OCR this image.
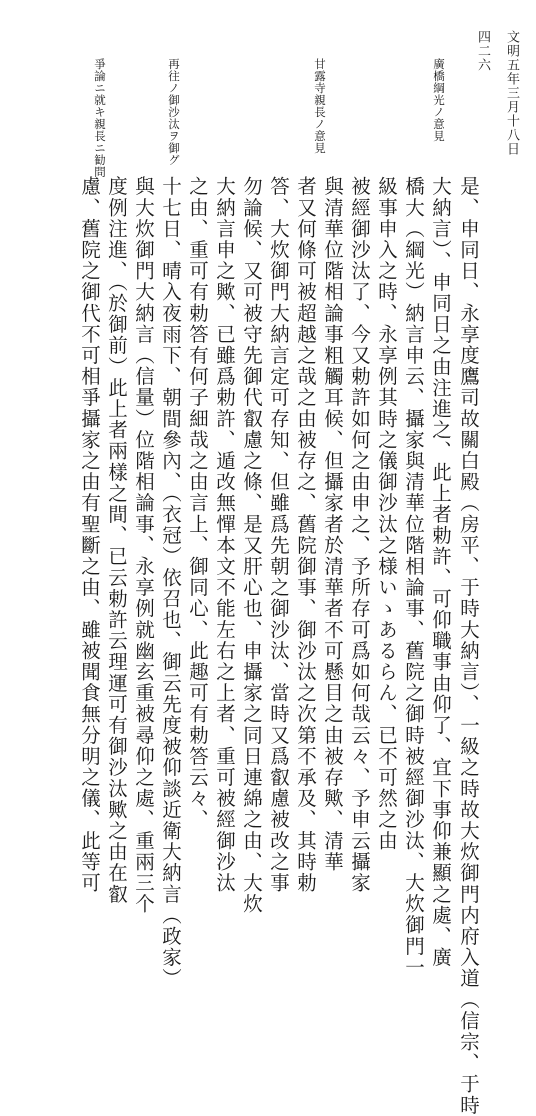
四二六 文明五年三月十八日
廣橋綱光ノ意見
甘露寺親長ノ意見
再往ノ御沙汰ヲ御グ
爭論ニ就キ親長ニ勧問
是、申同日、永享度鷹司故關白殿（房平、于時大納言）、一級之時故大炊御門内府入道（信宗、于時
大納言）、申同日之由注進之、此上者勅許、可仰職事由仰了、宜下事仰兼顯之處、廣
橋大（綱光）納言申云、攝家與清華位階相論事、舊院之御時被經御沙汰、大炊御門一
級事申入之時、永享例其時之儀御沙汰之様いゝあるらん、已不可然之由
被經御沙汰了、今又勅許如何之由申之、予所存可爲如何哉云々、予申云攝家
與清華位階相論事粗觸耳候、但攝家者於清華者不可懸目之由被存歟、清華
者又何條可被超越之哉之由被存之、舊院御事、御沙汰之次第不承及、其時勅
答、大炊御門大納言定可存知、但雖爲先朝之御沙汰、當時又爲叡慮被改之事
勿論候、又可被守先御代叡慮之條、是又肝心也、申攝家之同日連綿之由、大炊
大納言申之歟、已雖爲勅許、遁改無憚本文不能左右之上者、重可被經御沙汰
之由、重可有勅答有何子細哉之由言上、御同心、此趣可有勅答云々、
十七日、晴入夜雨下、朝間參內、（衣冠）依召也、御云先度被仰談近衛大納言（政家）
與大炊御門大納言（信量）位階相論事、永享例就幽玄重被尋仰之處、重兩三个
度例注進、（於御前）此上者兩樣之間、已云勅許云理運可有御沙汰歟之由在叡
慮、舊院之御代不可相爭攝家之由有聖斷之由、雖被聞食無分明之儀、此等可
